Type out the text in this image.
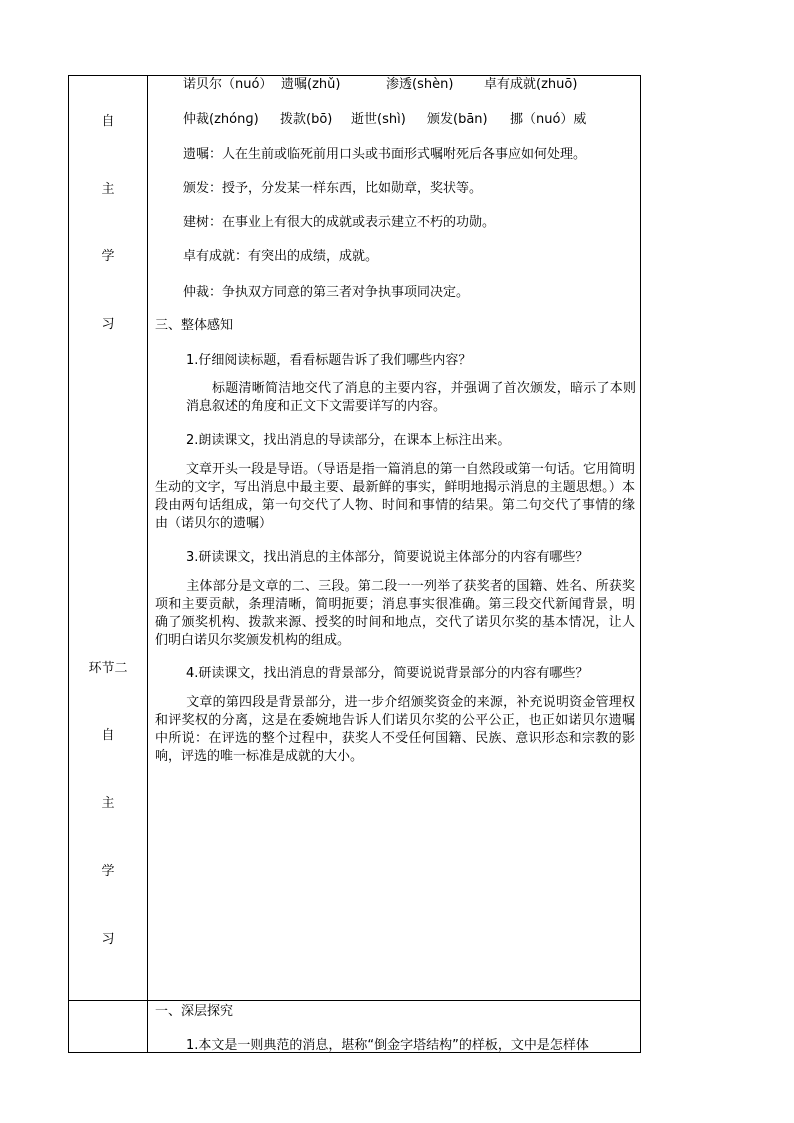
自
主
学
习
环节二
自
主
学
习
诺贝尔（nuó） 遗嘱(zhǔ)	渗透(shèn) 卓有成就(zhuō)
仲裁(zhónɡ) 拨款(bō) 逝世(shì) 颁发(bān) 挪（nuó）威
遗嘱：人在生前或临死前用口头或书面形式嘱咐死后各事应如何处理。
颁发：授予，分发某一样东西，比如勋章，奖状等。
建树：在事业上有很大的成就或表示建立不朽的功勋。
卓有成就：有突出的成绩，成就。
仲裁：争执双方同意的第三者对争执事项同决定。
三、整体感知
1.仔细阅读标题，看看标题告诉了我们哪些内容？
标题清晰简洁地交代了消息的主要内容，并强调了首次颁发，暗示了本则消息叙述的角度和正文下文需要详写的内容。
2.朗读课文，找出消息的导读部分，在课本上标注出来。
文章开头一段是导语。（导语是指一篇消息的第一自然段或第一句话。它用简明生动的文字，写出消息中最主要、最新鲜的事实，鲜明地揭示消息的主题思想。）本段由两句话组成，第一句交代了人物、时间和事情的结果。第二句交代了事情的缘由（诺贝尔的遗嘱）
3.研读课文，找出消息的主体部分，简要说说主体部分的内容有哪些？
主体部分是文章的二、三段。第二段一一列举了获奖者的国籍、姓名、所获奖项和主要贡献，条理清晰，简明扼要；消息事实很准确。第三段交代新闻背景，明确了颁奖机构、拨款来源、授奖的时间和地点，交代了诺贝尔奖的基本情况，让人们明白诺贝尔奖颁发机构的组成。
4.研读课文，找出消息的背景部分，简要说说背景部分的内容有哪些？
文章的第四段是背景部分，进一步介绍颁奖资金的来源，补充说明资金管理权和评奖权的分离，这是在委婉地告诉人们诺贝尔奖的公平公正，也正如诺贝尔遗嘱中所说：在评选的整个过程中，获奖人不受任何国籍、民族、意识形态和宗教的影响，评选的唯一标准是成就的大小。
一、深层探究
1.本文是一则典范的消息，堪称“倒金字塔结构”的样板，文中是怎样体
